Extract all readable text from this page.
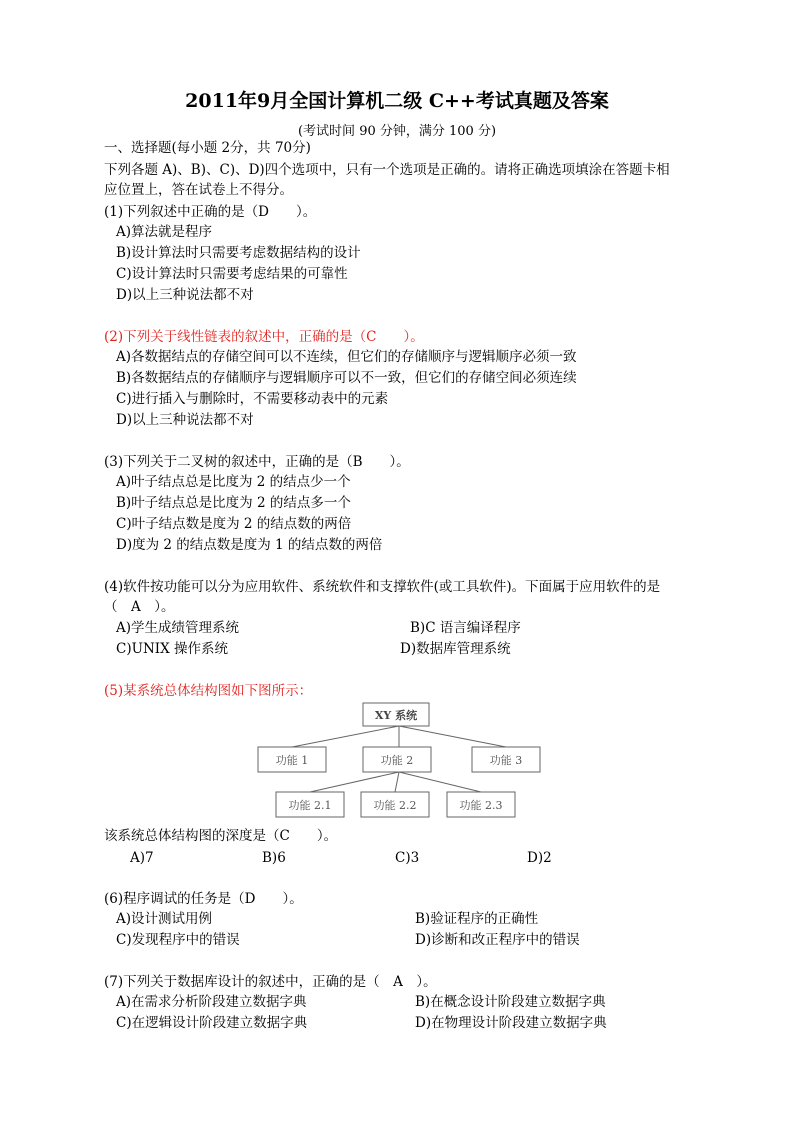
2011年9月全国计算机二级 C++考试真题及答案
(考试时间 90 分钟，满分 100 分)
一、选择题(每小题 2分，共 70分)
下列各题 A)、B)、C)、D)四个选项中，只有一个选项是正确的。请将正确选项填涂在答题卡相
应位置上，答在试卷上不得分。
(1)下列叙述中正确的是（D　　）。
A)算法就是程序
B)设计算法时只需要考虑数据结构的设计
C)设计算法时只需要考虑结果的可靠性
D)以上三种说法都不对
(2)下列关于线性链表的叙述中，正确的是（C　　）。
A)各数据结点的存储空间可以不连续，但它们的存储顺序与逻辑顺序必须一致
B)各数据结点的存储顺序与逻辑顺序可以不一致，但它们的存储空间必须连续
C)进行插入与删除时，不需要移动表中的元素
D)以上三种说法都不对
(3)下列关于二叉树的叙述中，正确的是（B　　）。
A)叶子结点总是比度为 2 的结点少一个
B)叶子结点总是比度为 2 的结点多一个
C)叶子结点数是度为 2 的结点数的两倍
D)度为 2 的结点数是度为 1 的结点数的两倍
(4)软件按功能可以分为应用软件、系统软件和支撑软件(或工具软件)。下面属于应用软件的是
（　A　）。
A)学生成绩管理系统	B)C 语言编译程序
C)UNIX 操作系统	D)数据库管理系统
(5)某系统总体结构图如下图所示：
XY 系统
功能 1	功能 2	功能 3
功能 2.1	功能 2.2	功能 2.3
该系统总体结构图的深度是（C　　）。
A)7	B)6	C)3	D)2
(6)程序调试的任务是（D　　）。
A)设计测试用例	B)验证程序的正确性
C)发现程序中的错误	D)诊断和改正程序中的错误
(7)下列关于数据库设计的叙述中，正确的是（　A　）。
A)在需求分析阶段建立数据字典	B)在概念设计阶段建立数据字典
C)在逻辑设计阶段建立数据字典	D)在物理设计阶段建立数据字典
